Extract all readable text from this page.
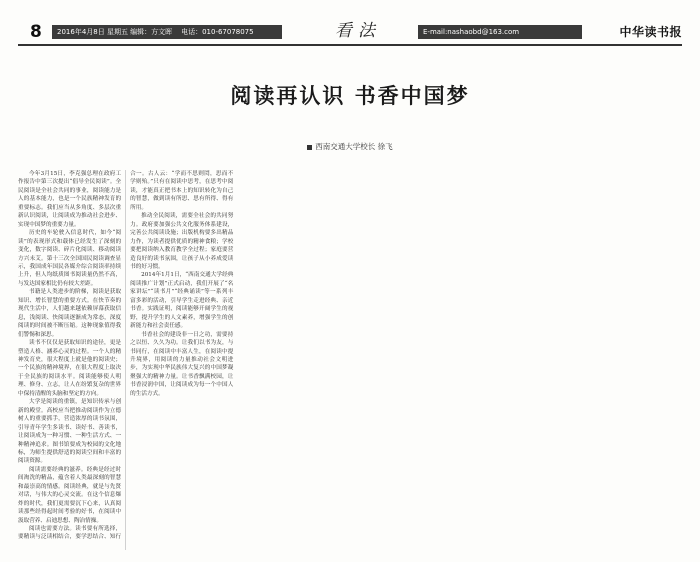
8	2016年4月8日 星期五 编辑：方文晖 电话：010-67078075	看法	E-mail:nashaobd@163.com	中华读书报
阅读再认识 书香中国梦
西南交通大学校长 徐飞

今年3月15日，李克强总理在政府工作报告中第三次提出“倡导全民阅读”。全民阅读是全社会共同的事业，阅读能力是人的基本能力，也是一个民族精神发育的重要标志。我们应当从多角度、多层次重新认识阅读，让阅读成为推动社会进步、实现中国梦的重要力量。

历史的车轮驶入信息时代，如今“阅读”的表现形式和载体已经发生了深刻的变化，数字阅读、碎片化阅读、移动阅读方兴未艾。第十三次全国国民阅读调查显示，我国成年国民各媒介综合阅读率持续上升，但人均纸质图书阅读量仍然不高，与发达国家相比仍有较大差距。

书籍是人类进步的阶梯，阅读是获取知识、增长智慧的重要方式。在快节奏的现代生活中，人们越来越依赖屏幕获取信息，浅阅读、快阅读逐渐成为常态，深度阅读的时间被不断压缩。这种现象值得我们警惕和深思。

读书不仅仅是获取知识的途径，更是塑造人格、涵养心灵的过程。一个人的精神发育史，很大程度上就是他的阅读史；一个民族的精神境界，在很大程度上取决于全民族的阅读水平。阅读能够使人明理、修身、立志，让人在纷繁复杂的世界中保持清醒的头脑和坚定的方向。

大学是阅读的重镇，是知识传承与创新的殿堂。高校应当把推动阅读作为立德树人的重要抓手，营造浓厚的读书氛围，引导青年学生多读书、读好书、善读书，让阅读成为一种习惯、一种生活方式、一种精神追求。图书馆要成为校园的文化地标，为师生提供舒适的阅读空间和丰富的阅读资源。

阅读需要经典的滋养。经典是经过时间淘洗的精品，蕴含着人类最深刻的智慧和最崇高的情感。阅读经典，就是与先贤对话，与伟大的心灵交流。在这个信息爆炸的时代，我们更需要沉下心来，认真阅读那些经得起时间考验的好书，在阅读中汲取营养、启迪思想、陶冶情操。

阅读也需要方法。读书要有所选择，要精读与泛读相结合，要学思结合、知行合一。古人云：“学而不思则罔，思而不学则殆。”只有在阅读中思考，在思考中阅读，才能真正把书本上的知识转化为自己的智慧，做到读有所思、思有所得、得有所用。

推动全民阅读，需要全社会的共同努力。政府要加强公共文化服务体系建设，完善公共阅读设施；出版机构要多出精品力作，为读者提供优质的精神食粮；学校要把阅读纳入教育教学全过程；家庭要营造良好的读书氛围，让孩子从小养成爱读书的好习惯。

2014年1月1日，“西南交通大学经典阅读推广计划”正式启动，我们开展了“名家讲坛”“读书月”“经典诵读”等一系列丰富多彩的活动，引导学生走进经典、亲近书香。实践证明，阅读能够开阔学生的视野，提升学生的人文素养，增强学生的创新能力和社会责任感。

书香社会的建设非一日之功，需要持之以恒、久久为功。让我们以书为友，与书同行，在阅读中丰富人生，在阅读中提升境界，用阅读的力量推动社会文明进步，为实现中华民族伟大复兴的中国梦凝聚强大的精神力量。让书香飘满校园，让书香浸润中国，让阅读成为每一个中国人的生活方式。
